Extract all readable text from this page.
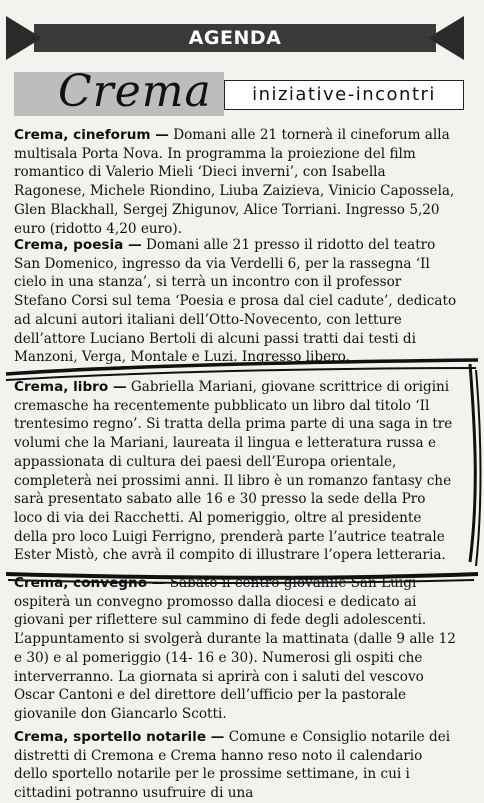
AGENDA
Crema	iniziative-incontri
Crema, cineforum — Domani alle 21 tornerà il cineforum alla multisala Porta Nova. In programma la proiezione del film romantico di Valerio Mieli ‘Dieci inverni’, con Isabella Ragonese, Michele Riondino, Liuba Zaizieva, Vinicio Capossela, Glen Blackhall, Sergej Zhigunov, Alice Torriani. Ingresso 5,20 euro (ridotto 4,20 euro).
Crema, poesia — Domani alle 21 presso il ridotto del teatro San Domenico, ingresso da via Verdelli 6, per la rassegna ‘Il cielo in una stanza’, si terrà un incontro con il professor Stefano Corsi sul tema ‘Poesia e prosa dal ciel cadute’, dedicato ad alcuni autori italiani dell’Otto-Novecento, con letture dell’attore Luciano Bertoli di alcuni passi tratti dai testi di Manzoni, Verga, Montale e Luzi. Ingresso libero.
Crema, libro — Gabriella Mariani, giovane scrittrice di origini cremasche ha recentemente pubblicato un libro dal titolo ‘Il trentesimo regno’. Si tratta della prima parte di una saga in tre volumi che la Mariani, laureata il lingua e letteratura russa e appassionata di cultura dei paesi dell’Europa orientale, completerà nei prossimi anni. Il libro è un romanzo fantasy che sarà presentato sabato alle 16 e 30 presso la sede della Pro loco di via dei Racchetti. Al pomeriggio, oltre al presidente della pro loco Luigi Ferrigno, prenderà parte l’autrice teatrale Ester Mistò, che avrà il compito di illustrare l’opera letteraria.
Crema, convegno — Sabato il centro giovanile San Luigi ospiterà un convegno promosso dalla diocesi e dedicato ai giovani per riflettere sul cammino di fede degli adolescenti. L’appuntamento si svolgerà durante la mattinata (dalle 9 alle 12 e 30) e al pomeriggio (14- 16 e 30). Numerosi gli ospiti che interverranno. La giornata si aprirà con i saluti del vescovo Oscar Cantoni e del direttore dell’ufficio per la pastorale giovanile don Giancarlo Scotti.
Crema, sportello notarile — Comune e Consiglio notarile dei distretti di Cremona e Crema hanno reso noto il calendario dello sportello notarile per le prossime settimane, in cui i cittadini potranno usufruire di una
